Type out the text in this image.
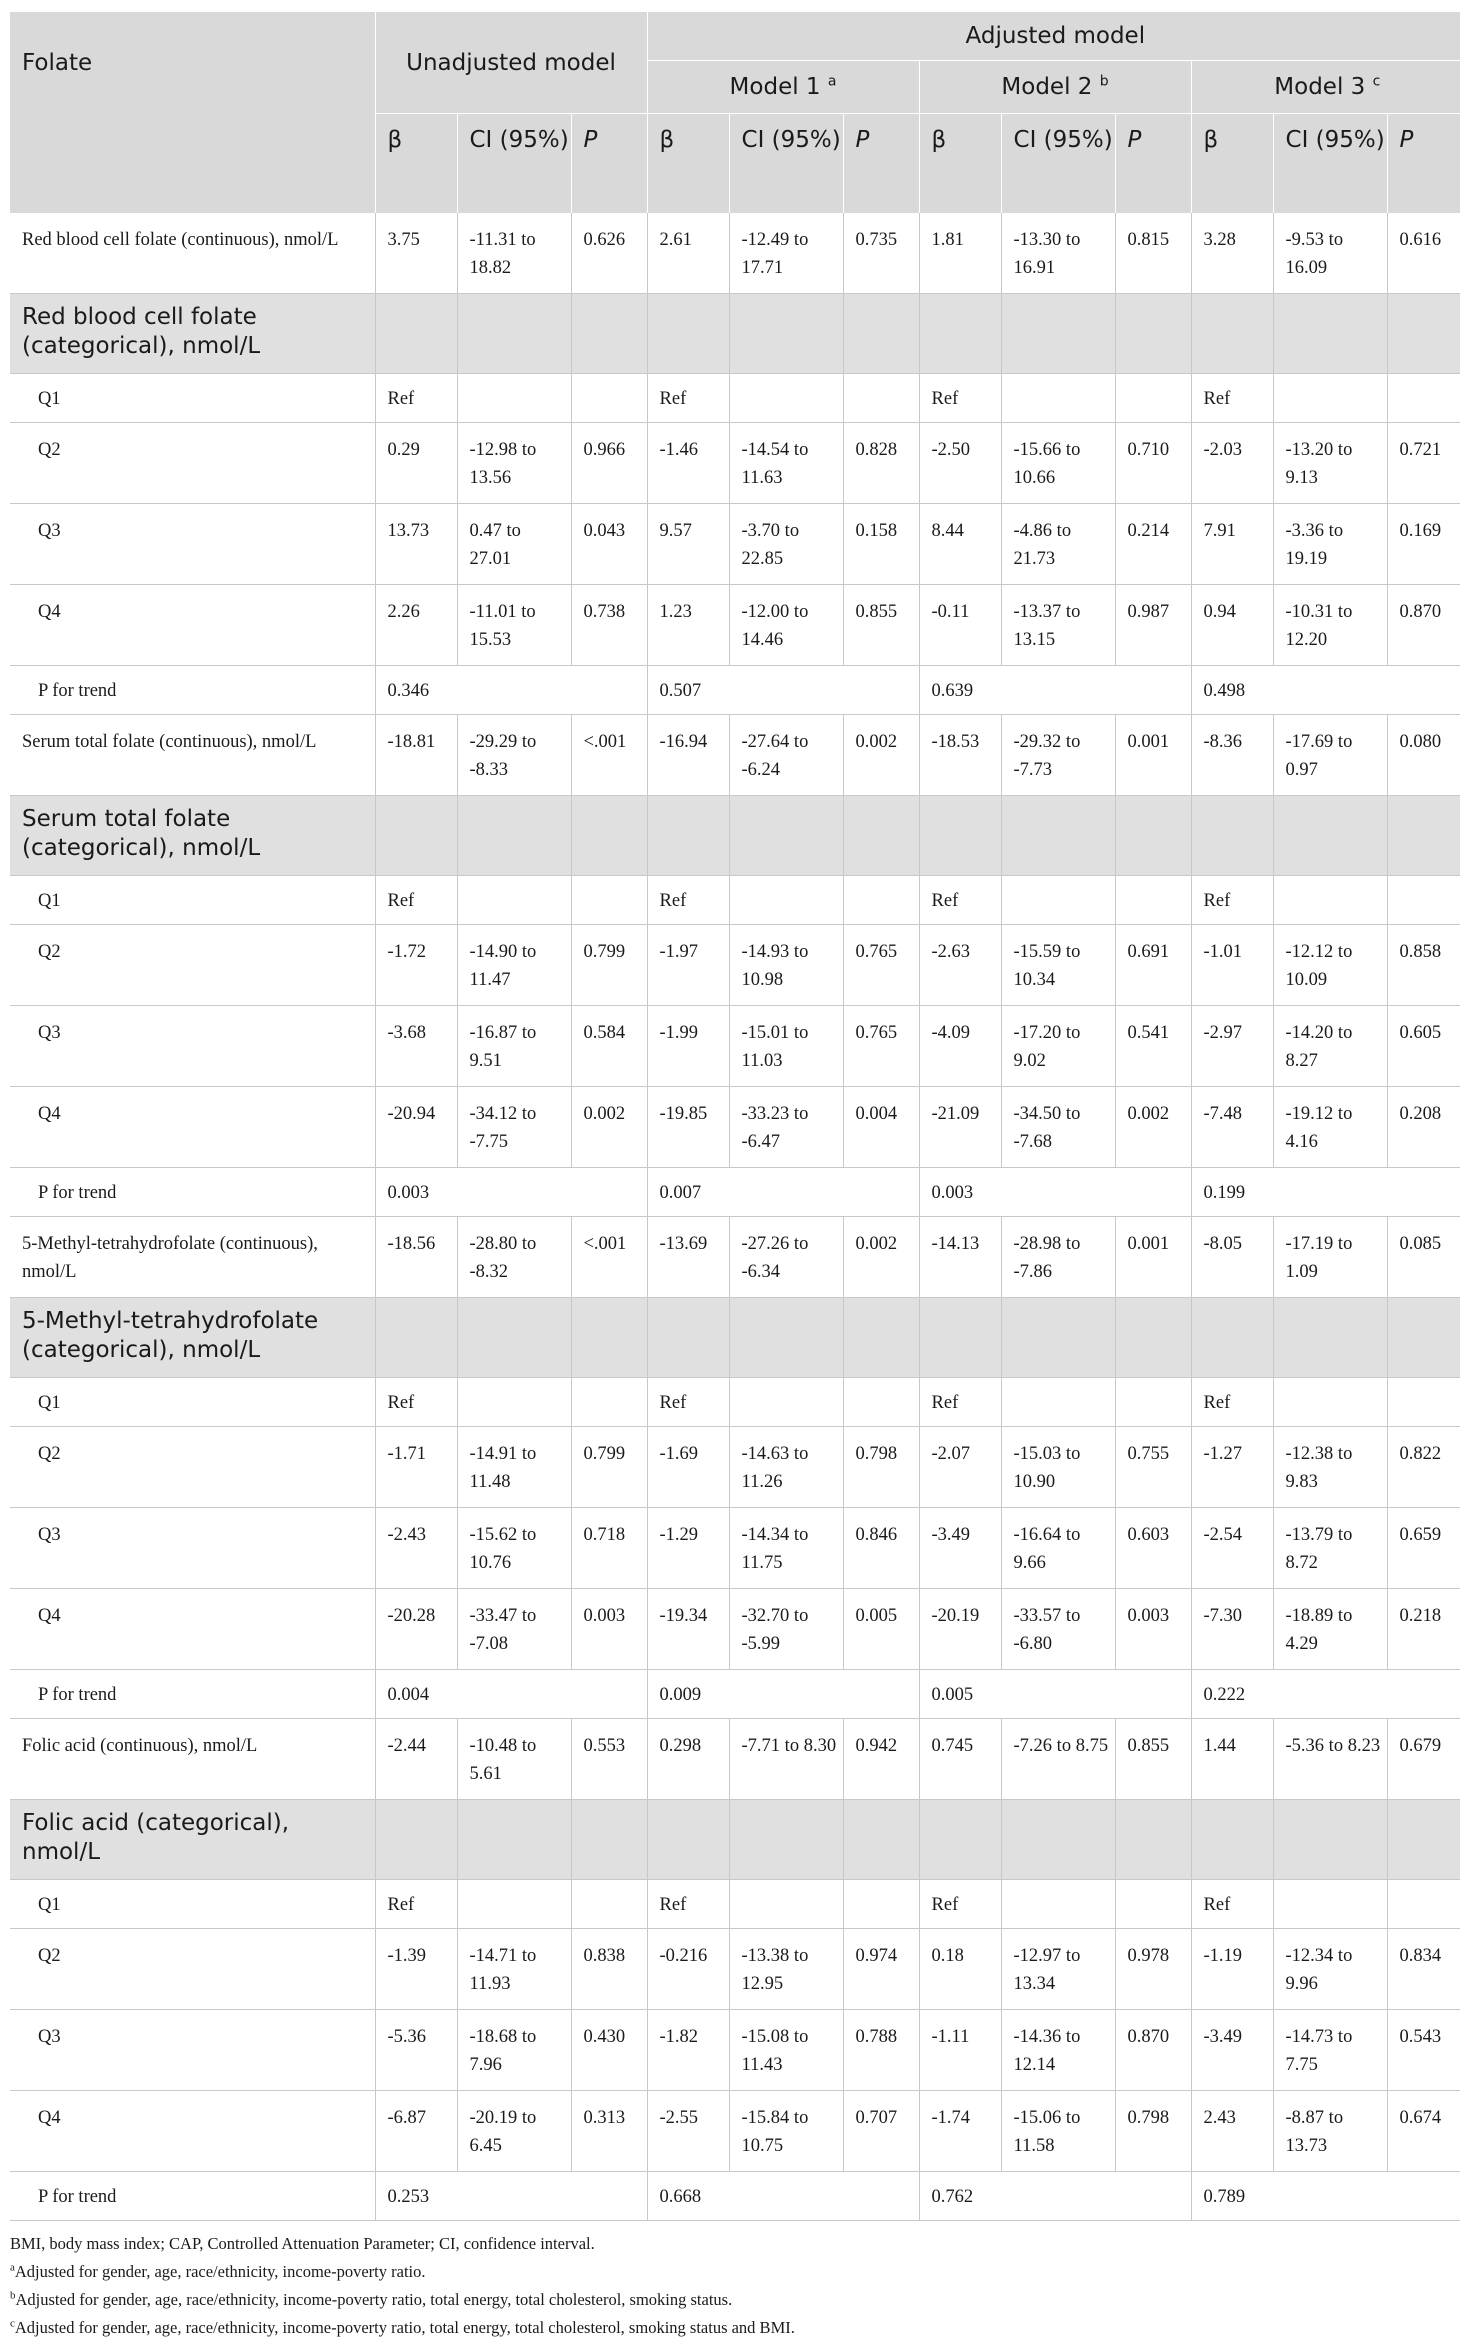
Folate	Unadjusted model			Adjusted model								
				Model 1 $^a$			Model 2 $^b$			Model 3 $^c$
	β	CI (95%)	P	β	CI (95%)	P	β	CI (95%)	P	β	CI (95%)	P
Red blood cell folate (continuous), nmol/L	3.75	-11.31 to 18.82	0.626	2.61	-12.49 to 17.71	0.735	1.81	-13.30 to 16.91	0.815	3.28	-9.53 to 16.09	0.616
Red blood cell folate (categorical), nmol/L												
Q1	Ref			Ref			Ref			Ref		
Q2	0.29	-12.98 to 13.56	0.966	-1.46	-14.54 to 11.63	0.828	-2.50	-15.66 to 10.66	0.710	-2.03	-13.20 to 9.13	0.721
Q3	13.73	0.47 to 27.01	0.043	9.57	-3.70 to 22.85	0.158	8.44	-4.86 to 21.73	0.214	7.91	-3.36 to 19.19	0.169
Q4	2.26	-11.01 to 15.53	0.738	1.23	-12.00 to 14.46	0.855	-0.11	-13.37 to 13.15	0.987	0.94	-10.31 to 12.20	0.870
P for trend	0.346			0.507			0.639			0.498		
Serum total folate (continuous), nmol/L	-18.81	-29.29 to -8.33	<.001	-16.94	-27.64 to -6.24	0.002	-18.53	-29.32 to -7.73	0.001	-8.36	-17.69 to 0.97	0.080
Serum total folate (categorical), nmol/L												
Q1	Ref			Ref			Ref			Ref		
Q2	-1.72	-14.90 to 11.47	0.799	-1.97	-14.93 to 10.98	0.765	-2.63	-15.59 to 10.34	0.691	-1.01	-12.12 to 10.09	0.858
Q3	-3.68	-16.87 to 9.51	0.584	-1.99	-15.01 to 11.03	0.765	-4.09	-17.20 to 9.02	0.541	-2.97	-14.20 to 8.27	0.605
Q4	-20.94	-34.12 to -7.75	0.002	-19.85	-33.23 to -6.47	0.004	-21.09	-34.50 to -7.68	0.002	-7.48	-19.12 to 4.16	0.208
P for trend	0.003			0.007			0.003			0.199		
5-Methyl-tetrahydrofolate (continuous), nmol/L	-18.56	-28.80 to -8.32	<.001	-13.69	-27.26 to -6.34	0.002	-14.13	-28.98 to -7.86	0.001	-8.05	-17.19 to 1.09	0.085
5-Methyl-tetrahydrofolate (categorical), nmol/L												
Q1	Ref			Ref			Ref			Ref		
Q2	-1.71	-14.91 to 11.48	0.799	-1.69	-14.63 to 11.26	0.798	-2.07	-15.03 to 10.90	0.755	-1.27	-12.38 to 9.83	0.822
Q3	-2.43	-15.62 to 10.76	0.718	-1.29	-14.34 to 11.75	0.846	-3.49	-16.64 to 9.66	0.603	-2.54	-13.79 to 8.72	0.659
Q4	-20.28	-33.47 to -7.08	0.003	-19.34	-32.70 to -5.99	0.005	-20.19	-33.57 to -6.80	0.003	-7.30	-18.89 to 4.29	0.218
P for trend	0.004			0.009			0.005			0.222		
Folic acid (continuous), nmol/L	-2.44	-10.48 to 5.61	0.553	0.298	-7.71 to 8.30	0.942	0.745	-7.26 to 8.75	0.855	1.44	-5.36 to 8.23	0.679
Folic acid (categorical), nmol/L												
Q1	Ref			Ref			Ref			Ref		
Q2	-1.39	-14.71 to 11.93	0.838	-0.216	-13.38 to 12.95	0.974	0.18	-12.97 to 13.34	0.978	-1.19	-12.34 to 9.96	0.834
Q3	-5.36	-18.68 to 7.96	0.430	-1.82	-15.08 to 11.43	0.788	-1.11	-14.36 to 12.14	0.870	-3.49	-14.73 to 7.75	0.543
Q4	-6.87	-20.19 to 6.45	0.313	-2.55	-15.84 to 10.75	0.707	-1.74	-15.06 to 11.58	0.798	2.43	-8.87 to 13.73	0.674
P for trend	0.253			0.668			0.762			0.789		
BMI, body mass index; CAP, Controlled Attenuation Parameter; CI, confidence interval.
$^a$Adjusted for gender, age, race/ethnicity, income-poverty ratio.
$^b$Adjusted for gender, age, race/ethnicity, income-poverty ratio, total energy, total cholesterol, smoking status.
$^c$Adjusted for gender, age, race/ethnicity, income-poverty ratio, total energy, total cholesterol, smoking status and BMI.
